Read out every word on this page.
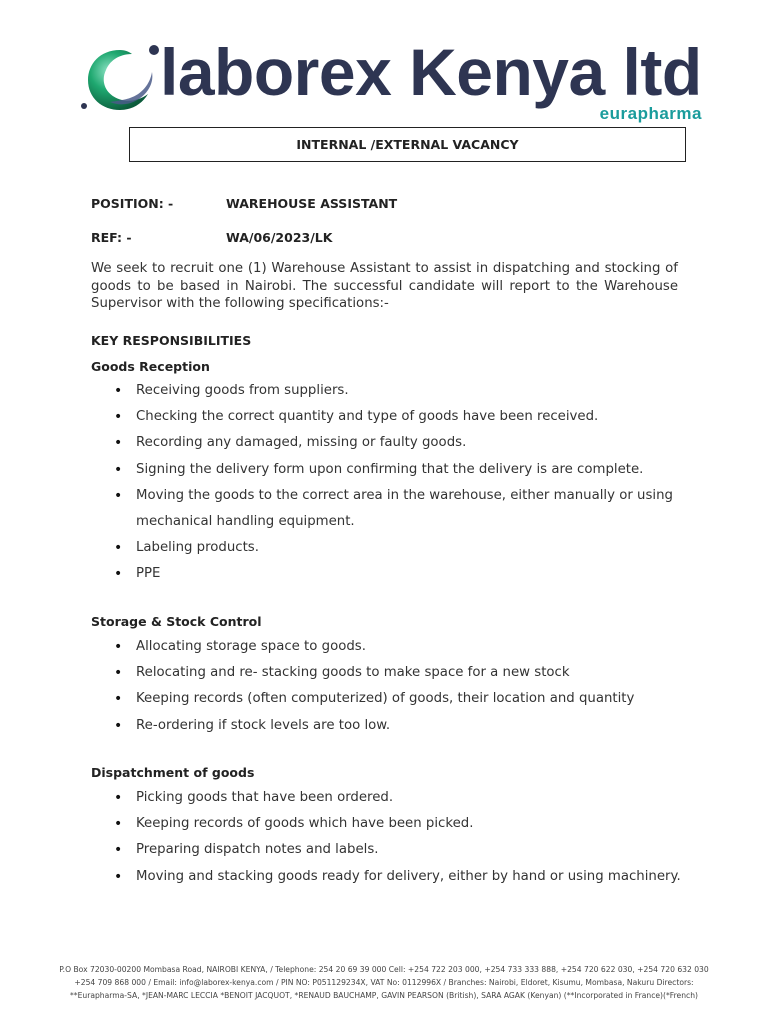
laborex Kenya ltd
eurapharma
INTERNAL /EXTERNAL VACANCY
POSITION: -	WAREHOUSE ASSISTANT
REF: -	WA/06/2023/LK
We seek to recruit one (1) Warehouse Assistant to assist in dispatching and stocking of goods to be based in Nairobi. The successful candidate will report to the Warehouse Supervisor with the following specifications:-
KEY RESPONSIBILITIES
Goods Reception
• Receiving goods from suppliers.
• Checking the correct quantity and type of goods have been received.
• Recording any damaged, missing or faulty goods.
• Signing the delivery form upon confirming that the delivery is are complete.
• Moving the goods to the correct area in the warehouse, either manually or using mechanical handling equipment.
• Labeling products.
• PPE
Storage & Stock Control
• Allocating storage space to goods.
• Relocating and re- stacking goods to make space for a new stock
• Keeping records (often computerized) of goods, their location and quantity
• Re-ordering if stock levels are too low.
Dispatchment of goods
• Picking goods that have been ordered.
• Keeping records of goods which have been picked.
• Preparing dispatch notes and labels.
• Moving and stacking goods ready for delivery, either by hand or using machinery.
P.O Box 72030-00200 Mombasa Road, NAIROBI KENYA, / Telephone: 254 20 69 39 000 Cell: +254 722 203 000, +254 733 333 888, +254 720 622 030, +254 720 632 030
+254 709 868 000 / Email: info@laborex-kenya.com / PIN NO: P051129234X, VAT No: 0112996X / Branches: Nairobi, Eldoret, Kisumu, Mombasa, Nakuru Directors:
**Eurapharma-SA, *JEAN-MARC LECCIA *BENOIT JACQUOT, *RENAUD BAUCHAMP, GAVIN PEARSON (British), SARA AGAK (Kenyan) (**Incorporated in France)(*French)
